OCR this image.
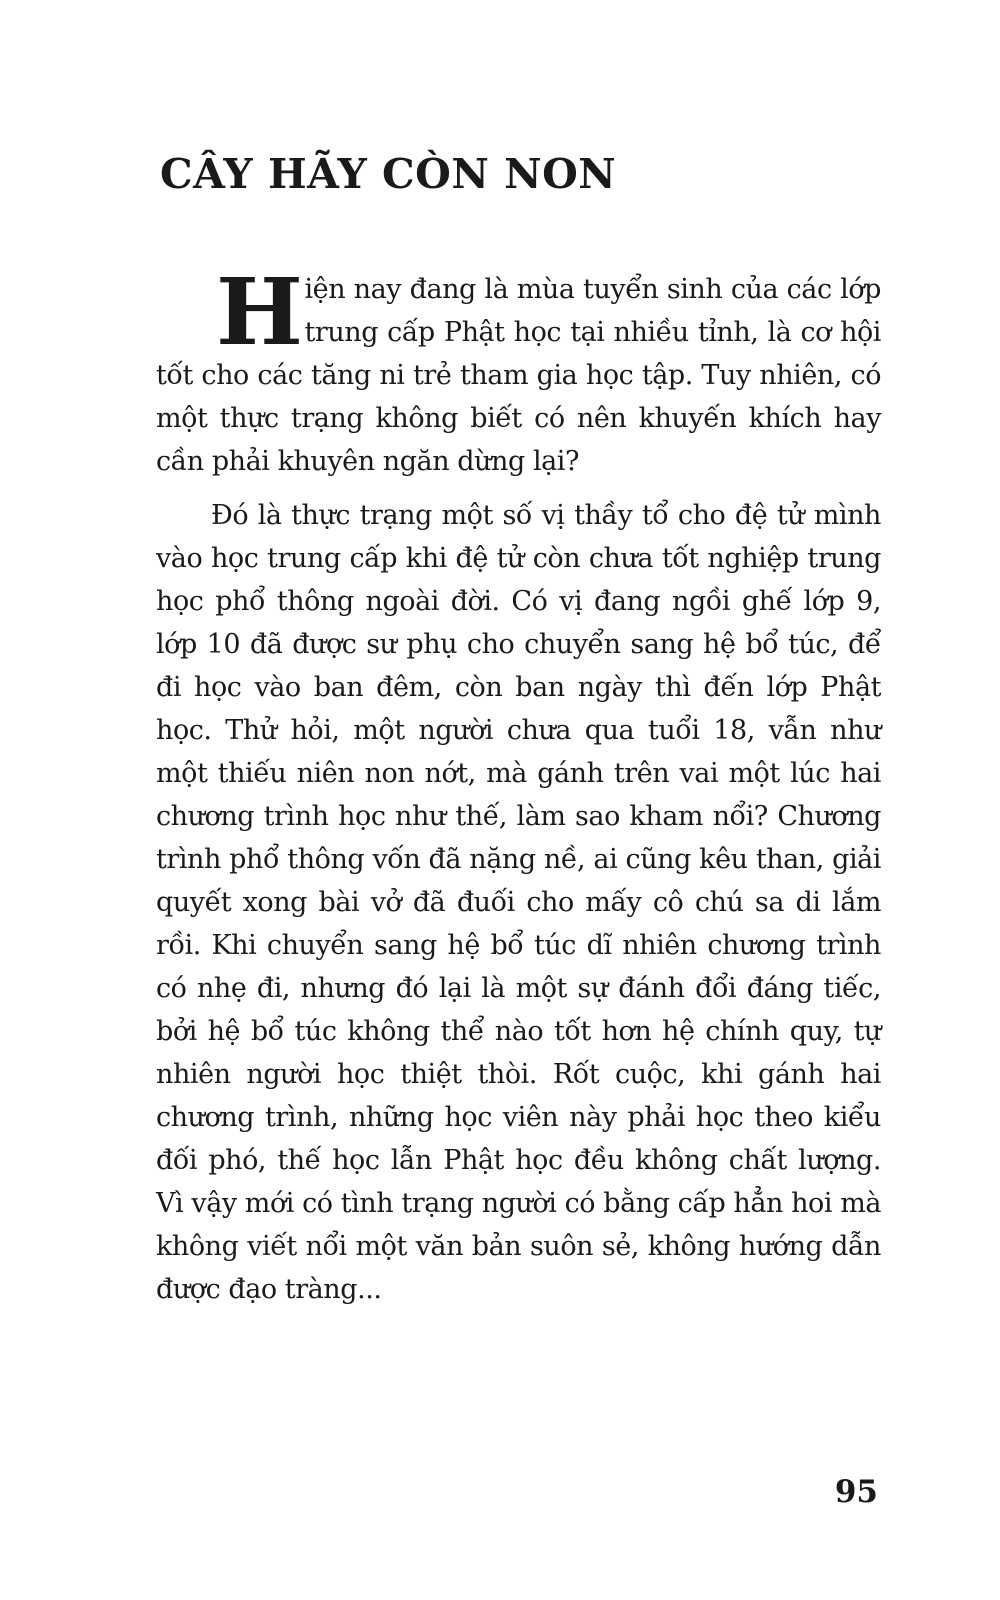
CÂY HÃY CÒN NON

Hiện nay đang là mùa tuyển sinh của các lớp trung cấp Phật học tại nhiều tỉnh, là cơ hội tốt cho các tăng ni trẻ tham gia học tập. Tuy nhiên, có một thực trạng không biết có nên khuyến khích hay cần phải khuyên ngăn dừng lại?

Đó là thực trạng một số vị thầy tổ cho đệ tử mình vào học trung cấp khi đệ tử còn chưa tốt nghiệp trung học phổ thông ngoài đời. Có vị đang ngồi ghế lớp 9, lớp 10 đã được sư phụ cho chuyển sang hệ bổ túc, để đi học vào ban đêm, còn ban ngày thì đến lớp Phật học. Thử hỏi, một người chưa qua tuổi 18, vẫn như một thiếu niên non nớt, mà gánh trên vai một lúc hai chương trình học như thế, làm sao kham nổi? Chương trình phổ thông vốn đã nặng nề, ai cũng kêu than, giải quyết xong bài vở đã đuối cho mấy cô chú sa di lắm rồi. Khi chuyển sang hệ bổ túc dĩ nhiên chương trình có nhẹ đi, nhưng đó lại là một sự đánh đổi đáng tiếc, bởi hệ bổ túc không thể nào tốt hơn hệ chính quy, tự nhiên người học thiệt thòi. Rốt cuộc, khi gánh hai chương trình, những học viên này phải học theo kiểu đối phó, thế học lẫn Phật học đều không chất lượng. Vì vậy mới có tình trạng người có bằng cấp hẳn hoi mà không viết nổi một văn bản suôn sẻ, không hướng dẫn được đạo tràng...

95
